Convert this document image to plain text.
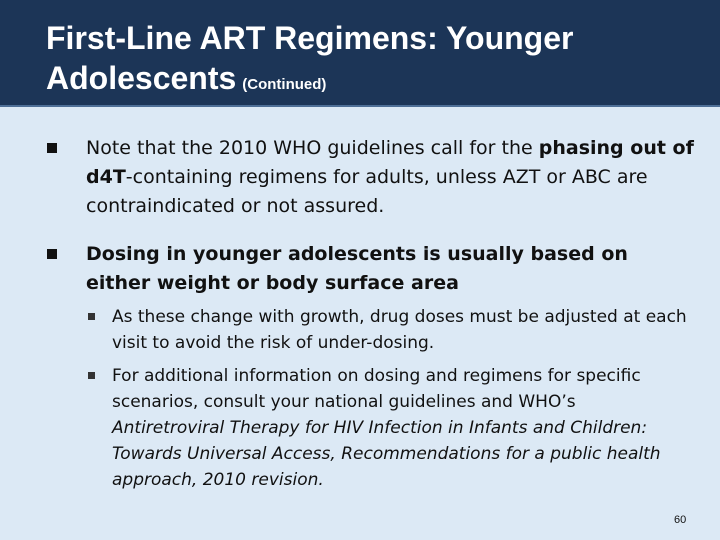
First-Line ART Regimens: Younger Adolescents (Continued)
Note that the 2010 WHO guidelines call for the phasing out of d4T-containing regimens for adults, unless AZT or ABC are contraindicated or not assured.
Dosing in younger adolescents is usually based on either weight or body surface area
As these change with growth, drug doses must be adjusted at each visit to avoid the risk of under-dosing.
For additional information on dosing and regimens for specific scenarios, consult your national guidelines and WHO’s Antiretroviral Therapy for HIV Infection in Infants and Children: Towards Universal Access, Recommendations for a public health approach, 2010 revision.
60
